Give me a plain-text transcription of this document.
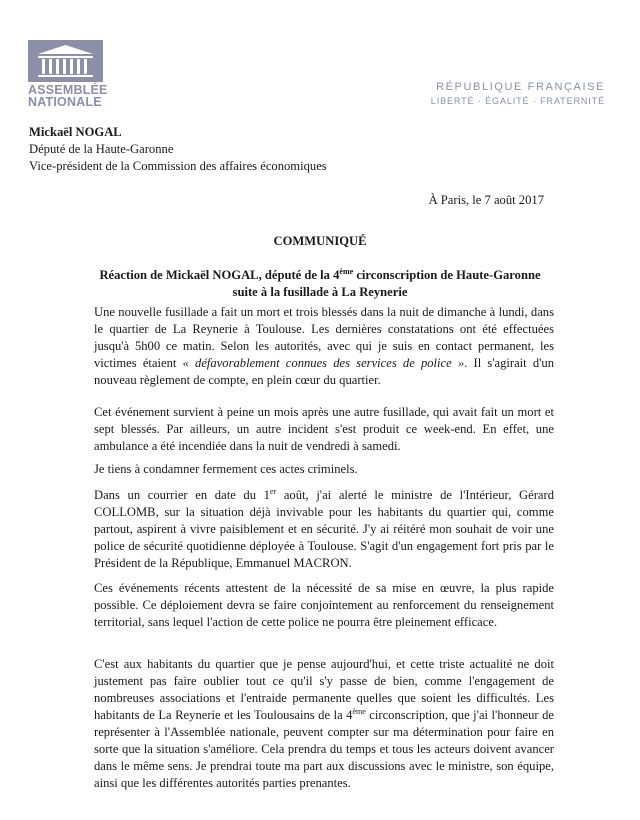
ASSEMBLÉE
NATIONALE
RÉPUBLIQUE FRANÇAISE
LIBERTÉ · ÉGALITÉ · FRATERNITÉ
Mickaël NOGAL
Député de la Haute-Garonne
Vice-président de la Commission des affaires économiques
À Paris, le 7 août 2017
COMMUNIQUÉ
Réaction de Mickaël NOGAL, député de la 4ème circonscription de Haute-Garonne suite à la fusillade à La Reynerie

Une nouvelle fusillade a fait un mort et trois blessés dans la nuit de dimanche à lundi, dans le quartier de La Reynerie à Toulouse. Les dernières constatations ont été effectuées jusqu'à 5h00 ce matin. Selon les autorités, avec qui je suis en contact permanent, les victimes étaient « défavorablement connues des services de police ». Il s'agirait d'un nouveau règlement de compte, en plein cœur du quartier.

Cet événement survient à peine un mois après une autre fusillade, qui avait fait un mort et sept blessés. Par ailleurs, un autre incident s'est produit ce week-end. En effet, une ambulance a été incendiée dans la nuit de vendredi à samedi.

Je tiens à condamner fermement ces actes criminels.

Dans un courrier en date du 1er août, j'ai alerté le ministre de l'Intérieur, Gérard COLLOMB, sur la situation déjà invivable pour les habitants du quartier qui, comme partout, aspirent à vivre paisiblement et en sécurité. J'y ai réitéré mon souhait de voir une police de sécurité quotidienne déployée à Toulouse. S'agit d'un engagement fort pris par le Président de la République, Emmanuel MACRON.

Ces événements récents attestent de la nécessité de sa mise en œuvre, la plus rapide possible. Ce déploiement devra se faire conjointement au renforcement du renseignement territorial, sans lequel l'action de cette police ne pourra être pleinement efficace.

C'est aux habitants du quartier que je pense aujourd'hui, et cette triste actualité ne doit justement pas faire oublier tout ce qu'il s'y passe de bien, comme l'engagement de nombreuses associations et l'entraide permanente quelles que soient les difficultés. Les habitants de La Reynerie et les Toulousains de la 4ème circonscription, que j'ai l'honneur de représenter à l'Assemblée nationale, peuvent compter sur ma détermination pour faire en sorte que la situation s'améliore. Cela prendra du temps et tous les acteurs doivent avancer dans le même sens. Je prendrai toute ma part aux discussions avec le ministre, son équipe, ainsi que les différentes autorités parties prenantes.
